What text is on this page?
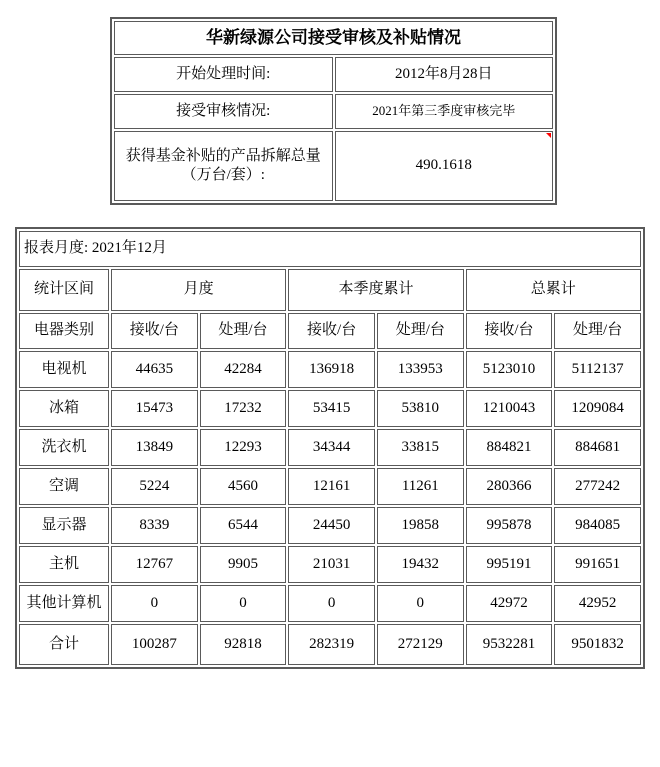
华新绿源公司接受审核及补贴情况	
开始处理时间:	2012年8月28日
接受审核情况:	2021年第三季度审核完毕
获得基金补贴的产品拆解总量（万台/套）:	490.1618
报表月度: 2021年12月						
统计区间	月度		本季度累计		总累计	
电器类别	接收/台	处理/台	接收/台	处理/台	接收/台	处理/台
电视机	44635	42284	136918	133953	5123010	5112137
冰箱	15473	17232	53415	53810	1210043	1209084
洗衣机	13849	12293	34344	33815	884821	884681
空调	5224	4560	12161	11261	280366	277242
显示器	8339	6544	24450	19858	995878	984085
主机	12767	9905	21031	19432	995191	991651
其他计算机	0	0	0	0	42972	42952
合计	100287	92818	282319	272129	9532281	9501832
